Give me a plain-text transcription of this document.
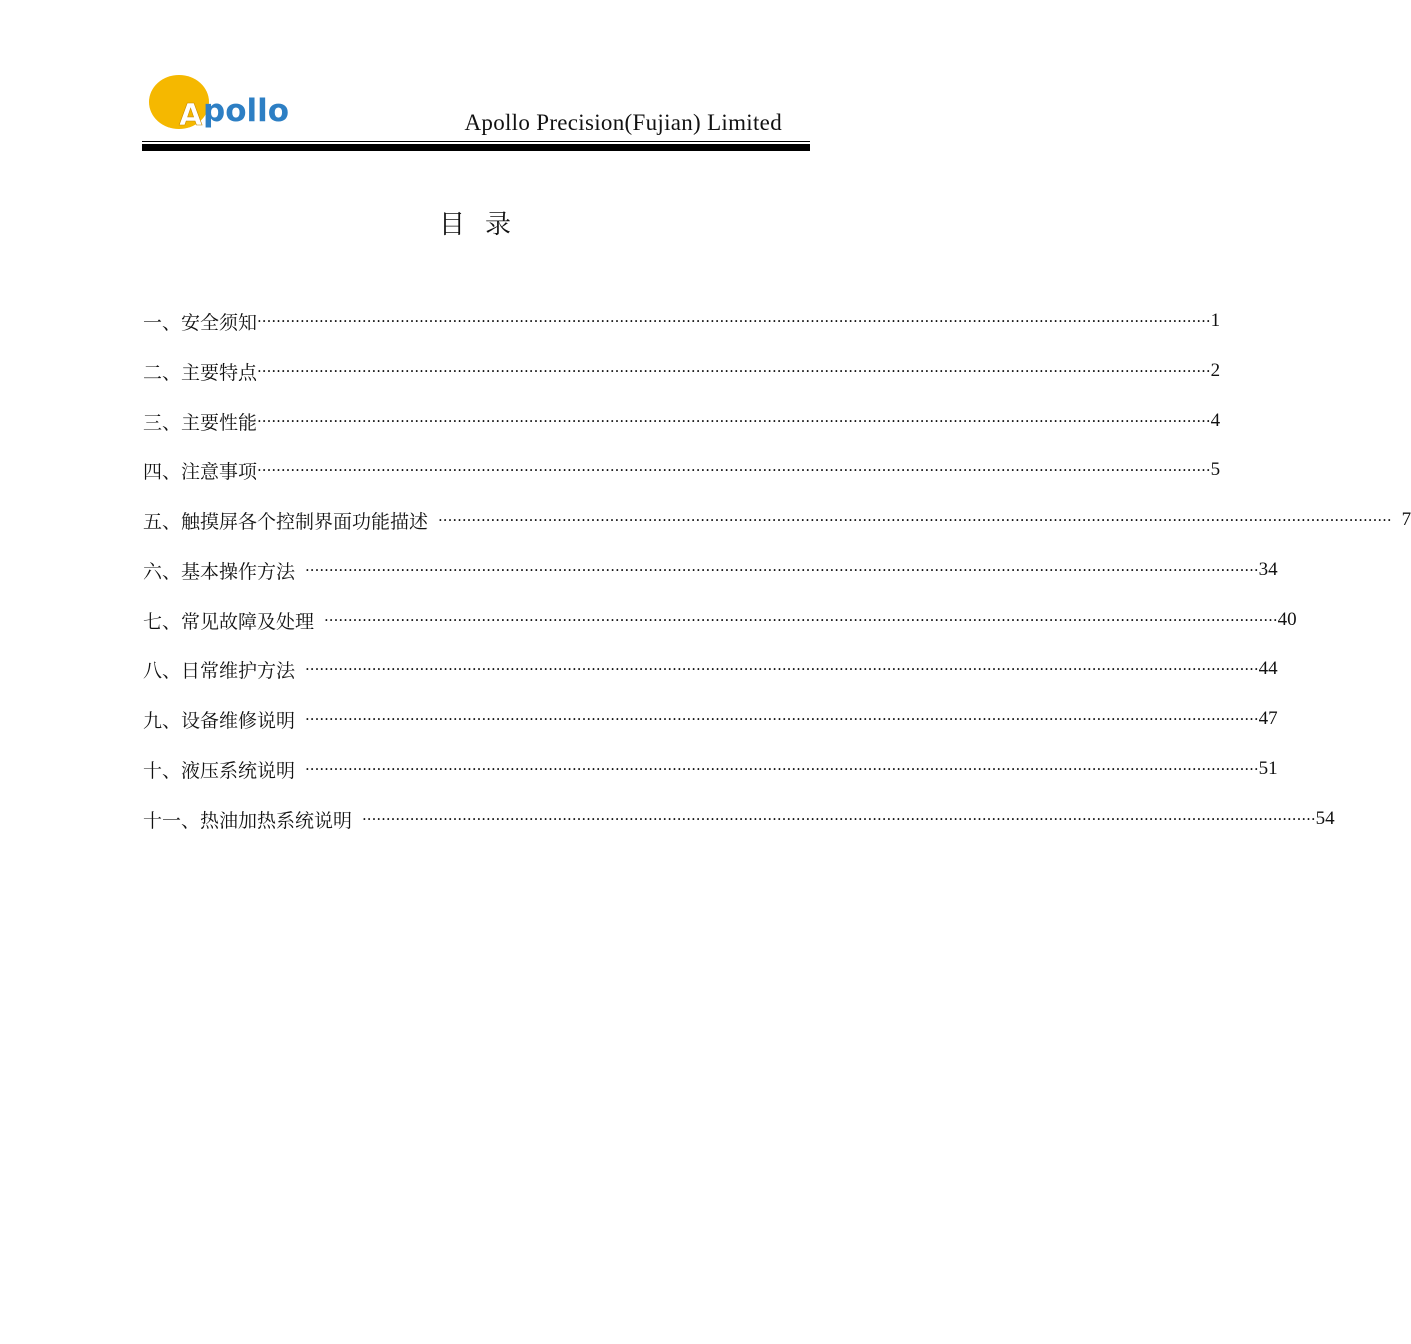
A pollo	Apollo Precision(Fujian) Limited
目录
一、 安全须知 ········································································································································································································ 1
二、 主要特点 ········································································································································································································ 2
三、 主要性能 ········································································································································································································ 4
四、 注意事项 ········································································································································································································ 5
五、 触摸屏各个控制界面功能描述 ········································································································································································································ 7
六、 基本操作方法 ········································································································································································································ 34
七、 常见故障及处理 ········································································································································································································ 40
八、 日常维护方法 ········································································································································································································ 44
九、 设备维修说明 ········································································································································································································ 47
十、 液压系统说明 ········································································································································································································ 51
十一、 热油加热系统说明 ········································································································································································································ 54
